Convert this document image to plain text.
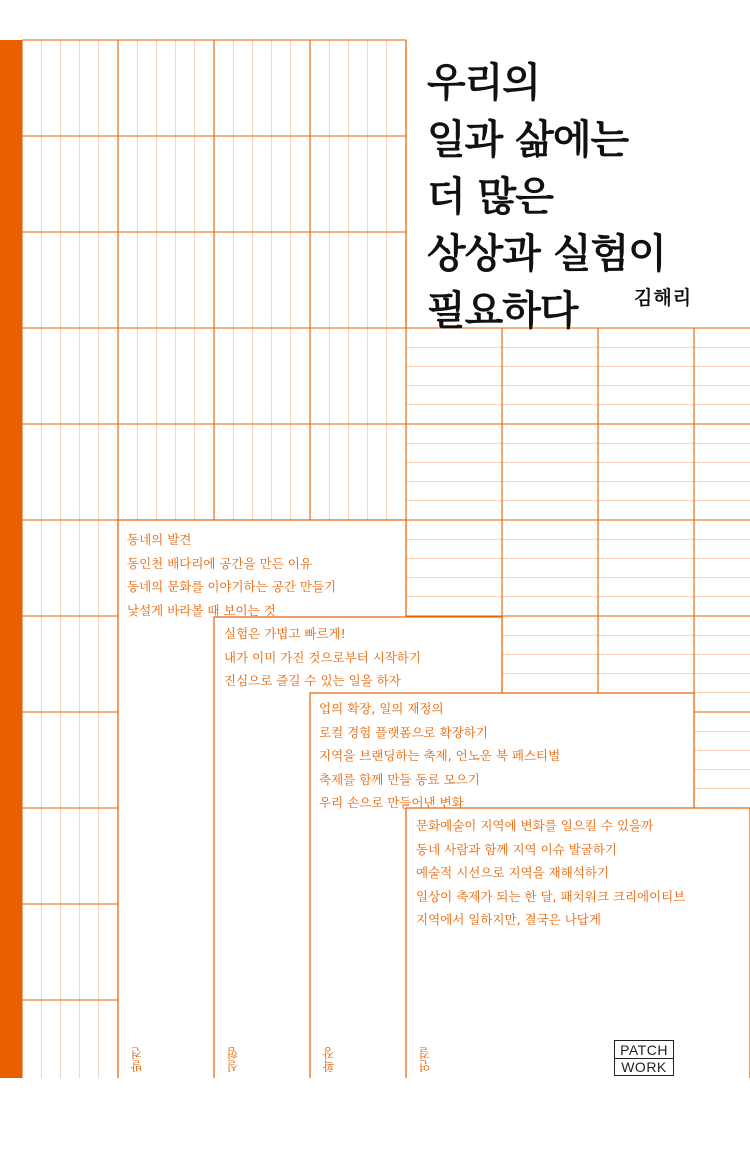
우리의
일과 삶에는
더 많은
상상과 실험이
필요하다	김해리
동네의 발견
동인천 배다리에 공간을 만든 이유
동네의 문화를 이야기하는 공간 만들기
낯설게 바라볼 때 보이는 것
실험은 가볍고 빠르게!
내가 이미 가진 것으로부터 시작하기
진심으로 즐길 수 있는 일을 하자
업의 확장, 일의 재정의
로컬 경험 플랫폼으로 확장하기
지역을 브랜딩하는 축제, 언노운 북 페스티벌
축제를 함께 만들 동료 모으기
우리 손으로 만들어낸 변화
문화예술이 지역에 변화를 일으킬 수 있을까
동네 사람과 함께 지역 이슈 발굴하기
예술적 시선으로 지역을 재해석하기
일상이 축제가 되는 한 달, 패치워크 크리에이티브
지역에서 일하지만, 결국은 나답게
발견	실험	확장	연결	PATCH
WORK
